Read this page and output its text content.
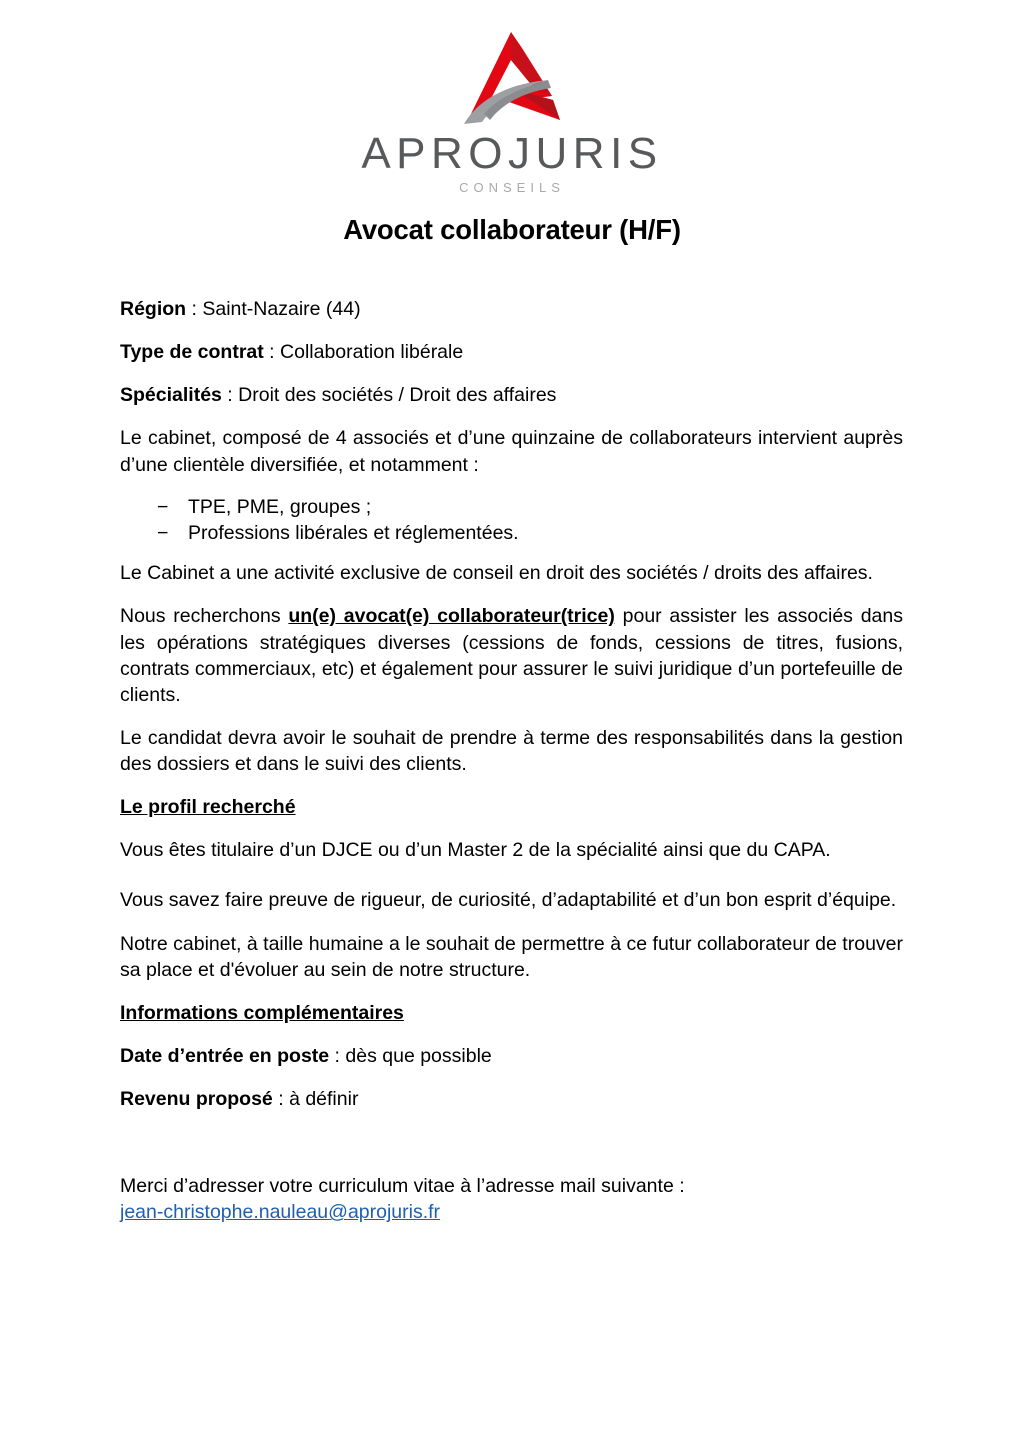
APROJURIS
CONSEILS
Avocat collaborateur (H/F)

Région : Saint-Nazaire (44)

Type de contrat : Collaboration libérale

Spécialités : Droit des sociétés / Droit des affaires

Le cabinet, composé de 4 associés et d’une quinzaine de collaborateurs intervient auprès d’une clientèle diversifiée, et notamment :

− TPE, PME, groupes ;
− Professions libérales et réglementées.

Le Cabinet a une activité exclusive de conseil en droit des sociétés / droits des affaires.

Nous recherchons un(e) avocat(e) collaborateur(trice) pour assister les associés dans les opérations stratégiques diverses (cessions de fonds, cessions de titres, fusions, contrats commerciaux, etc) et également pour assurer le suivi juridique d’un portefeuille de clients.

Le candidat devra avoir le souhait de prendre à terme des responsabilités dans la gestion des dossiers et dans le suivi des clients.

Le profil recherché

Vous êtes titulaire d’un DJCE ou d’un Master 2 de la spécialité ainsi que du CAPA.

Vous savez faire preuve de rigueur, de curiosité, d’adaptabilité et d’un bon esprit d’équipe.

Notre cabinet, à taille humaine a le souhait de permettre à ce futur collaborateur de trouver sa place et d'évoluer au sein de notre structure.

Informations complémentaires

Date d’entrée en poste : dès que possible

Revenu proposé : à définir

Merci d’adresser votre curriculum vitae à l’adresse mail suivante :

jean-christophe.nauleau@aprojuris.fr
